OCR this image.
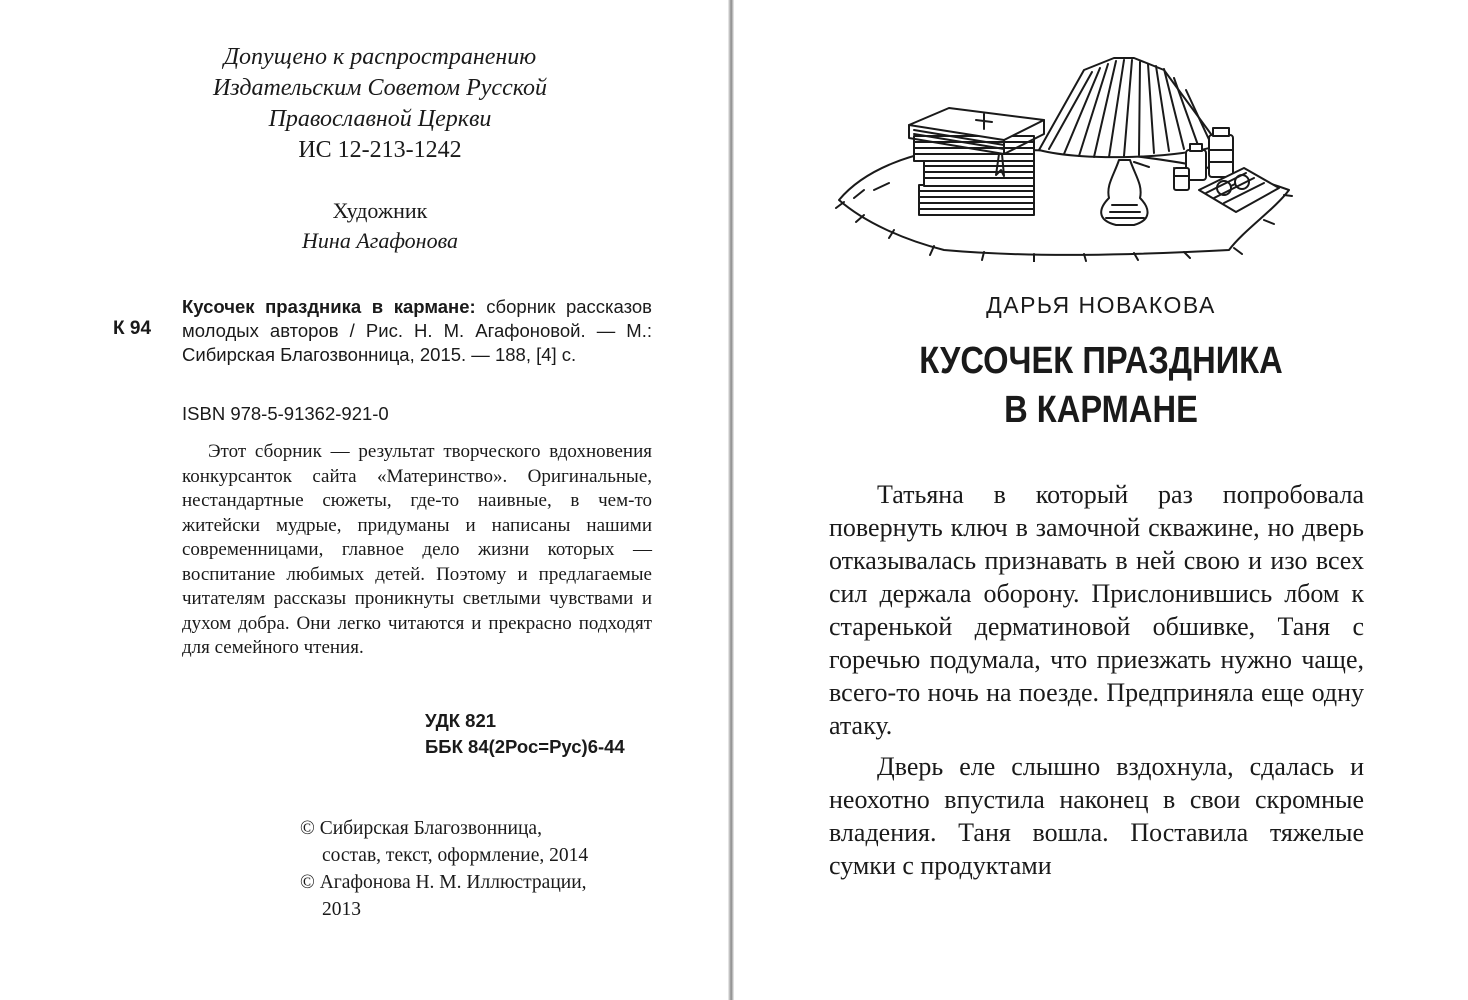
Допущено к распространению
Издательским Советом Русской
Православной Церкви
ИС 12-213-1242
Художник
Нина Агафонова
К 94
Кусочек праздника в кармане: сборник рассказов молодых авторов / Рис. Н. М. Агафоновой. — М.: Сибирская Благозвонница, 2015. — 188, [4] с.
ISBN 978-5-91362-921-0
Этот сборник — результат творческого вдохновения конкурсанток сайта «Материнство». Оригинальные, нестандартные сюжеты, где-то наивные, в чем-то житейски мудрые, придуманы и написаны нашими современницами, главное дело жизни которых — воспитание любимых детей. Поэтому и предлагаемые читателям рассказы проникнуты светлыми чувствами и духом добра. Они легко читаются и прекрасно подходят для семейного чтения.
УДК 821
ББК 84(2Рос=Рус)6-44
© Сибирская Благозвонница,
состав, текст, оформление, 2014
© Агафонова Н. М. Иллюстрации,
2013
ДАРЬЯ НОВАКОВА
КУСОЧЕК ПРАЗДНИКА
В КАРМАНЕ

Татьяна в который раз попробовала повернуть ключ в замочной скважине, но дверь отказывалась признавать в ней свою и изо всех сил держала оборону. Прислонившись лбом к старенькой дерматиновой обшивке, Таня с горечью подумала, что приезжать нужно чаще, всего-то ночь на поезде. Предприняла еще одну атаку.

Дверь еле слышно вздохнула, сдалась и неохотно впустила наконец в свои скромные владения. Таня вошла. Поставила тяжелые сумки с продуктами
